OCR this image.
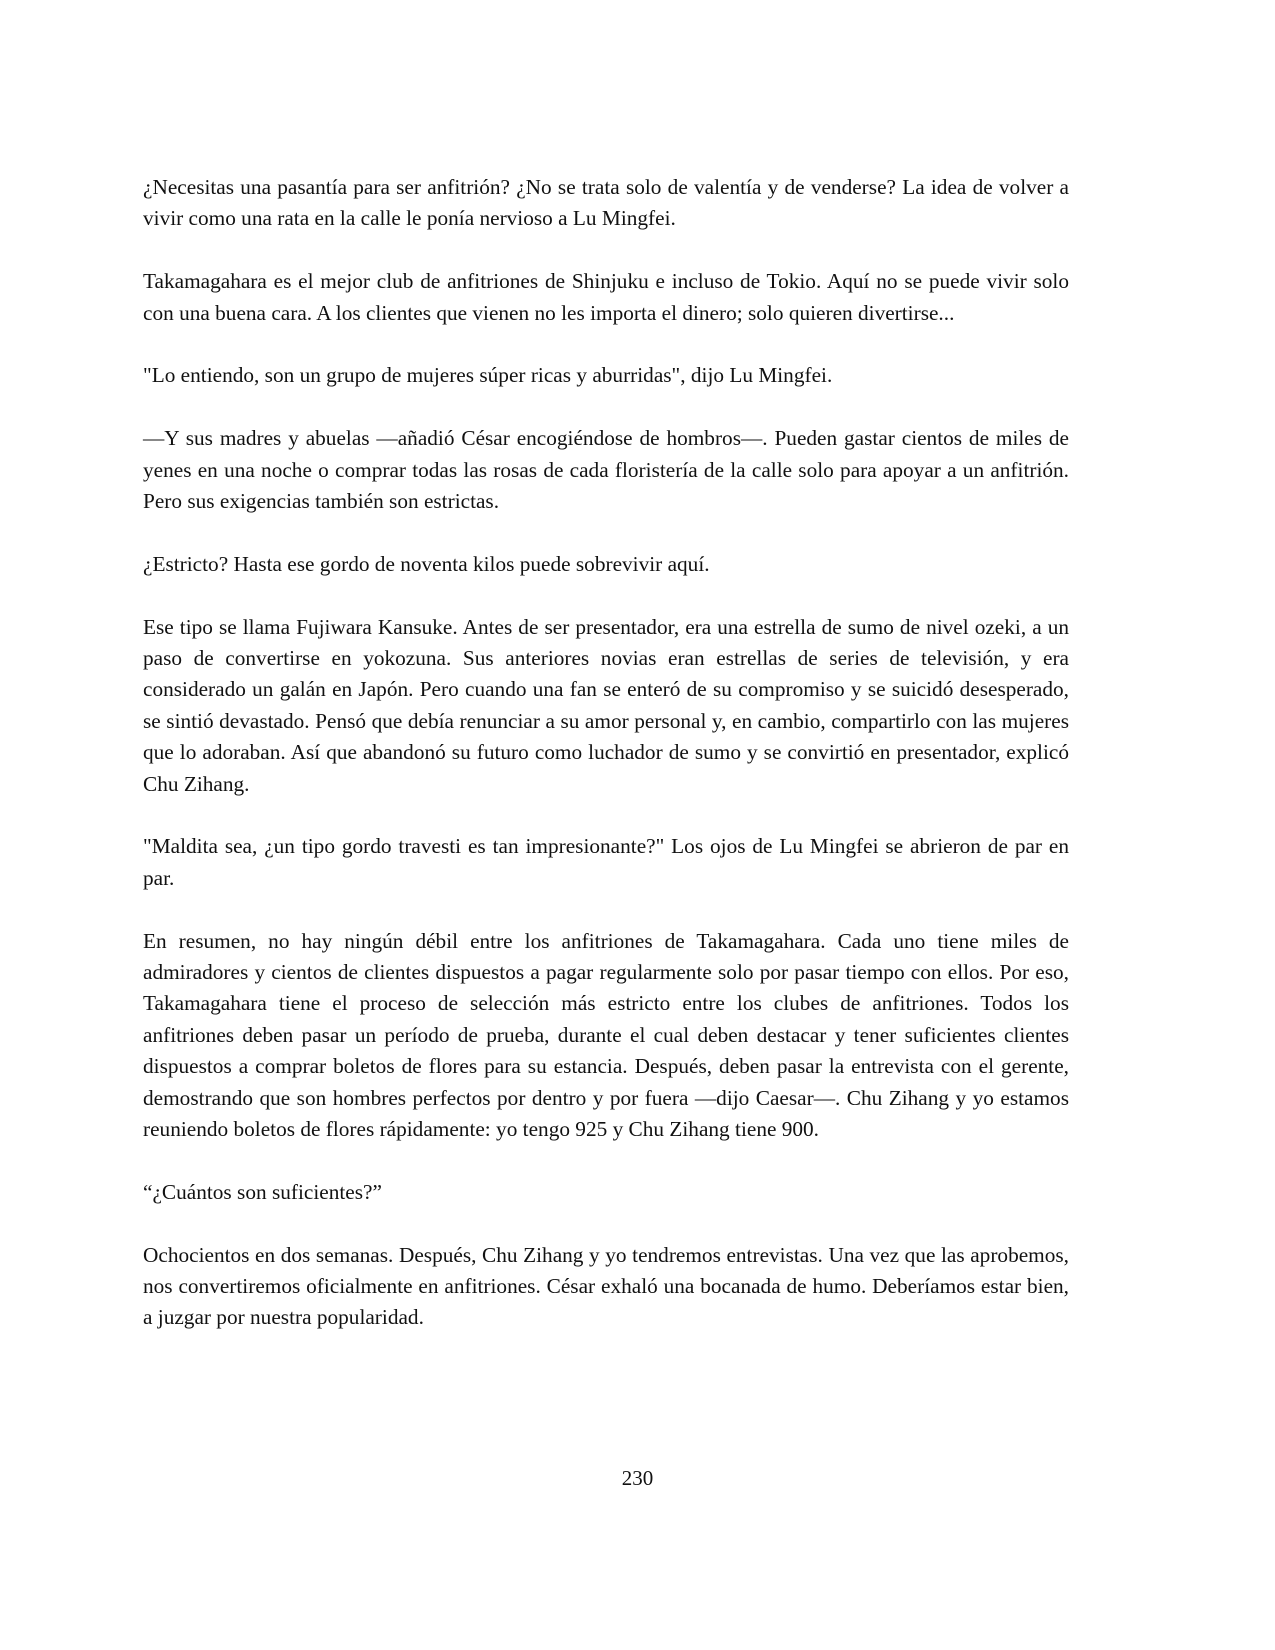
¿Necesitas una pasantía para ser anfitrión? ¿No se trata solo de valentía y de venderse? La idea de volver a vivir como una rata en la calle le ponía nervioso a Lu Mingfei.

Takamagahara es el mejor club de anfitriones de Shinjuku e incluso de Tokio. Aquí no se puede vivir solo con una buena cara. A los clientes que vienen no les importa el dinero; solo quieren divertirse...

"Lo entiendo, son un grupo de mujeres súper ricas y aburridas", dijo Lu Mingfei.

—Y sus madres y abuelas —añadió César encogiéndose de hombros—. Pueden gastar cientos de miles de yenes en una noche o comprar todas las rosas de cada floristería de la calle solo para apoyar a un anfitrión. Pero sus exigencias también son estrictas.

¿Estricto? Hasta ese gordo de noventa kilos puede sobrevivir aquí.

Ese tipo se llama Fujiwara Kansuke. Antes de ser presentador, era una estrella de sumo de nivel ozeki, a un paso de convertirse en yokozuna. Sus anteriores novias eran estrellas de series de televisión, y era considerado un galán en Japón. Pero cuando una fan se enteró de su compromiso y se suicidó desesperado, se sintió devastado. Pensó que debía renunciar a su amor personal y, en cambio, compartirlo con las mujeres que lo adoraban. Así que abandonó su futuro como luchador de sumo y se convirtió en presentador, explicó Chu Zihang.

"Maldita sea, ¿un tipo gordo travesti es tan impresionante?" Los ojos de Lu Mingfei se abrieron de par en par.

En resumen, no hay ningún débil entre los anfitriones de Takamagahara. Cada uno tiene miles de admiradores y cientos de clientes dispuestos a pagar regularmente solo por pasar tiempo con ellos. Por eso, Takamagahara tiene el proceso de selección más estricto entre los clubes de anfitriones. Todos los anfitriones deben pasar un período de prueba, durante el cual deben destacar y tener suficientes clientes dispuestos a comprar boletos de flores para su estancia. Después, deben pasar la entrevista con el gerente, demostrando que son hombres perfectos por dentro y por fuera —dijo Caesar—. Chu Zihang y yo estamos reuniendo boletos de flores rápidamente: yo tengo 925 y Chu Zihang tiene 900.

“¿Cuántos son suficientes?”

Ochocientos en dos semanas. Después, Chu Zihang y yo tendremos entrevistas. Una vez que las aprobemos, nos convertiremos oficialmente en anfitriones. César exhaló una bocanada de humo. Deberíamos estar bien, a juzgar por nuestra popularidad.

230
